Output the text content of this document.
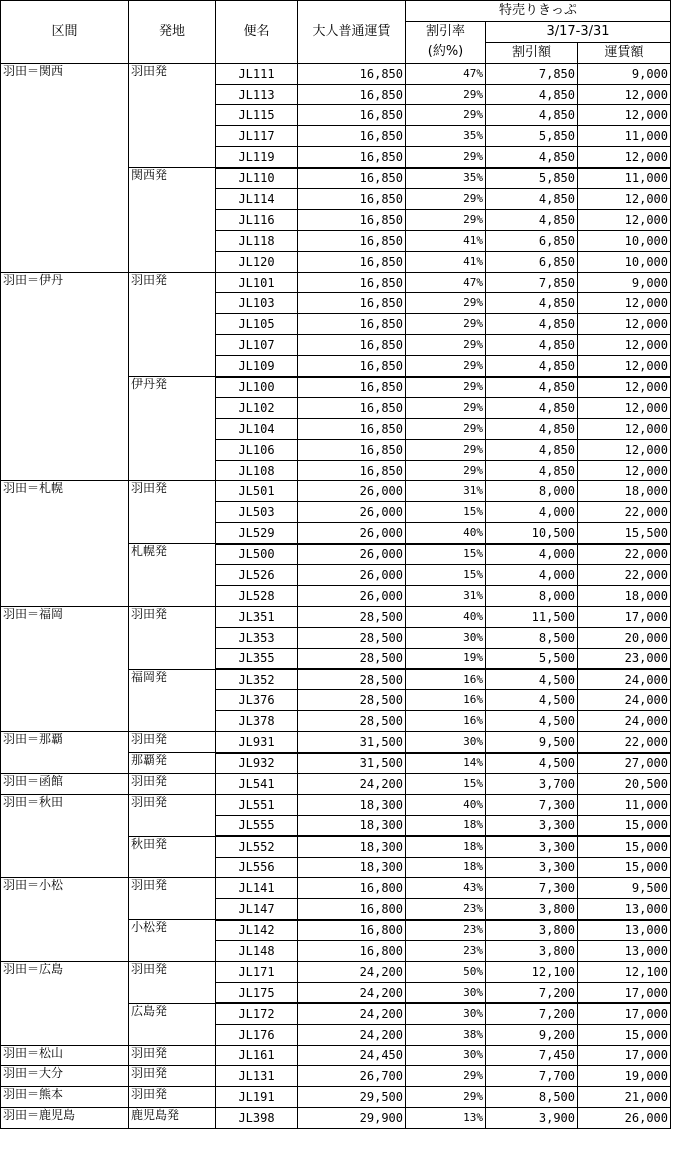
区間	発地	便名	大人普通運賃	特売りきっぷ		
				割引率	3/17-3/31	
				(約%)	割引額	運賃額
羽田＝関西	羽田発	JL111	16,850	47%	7,850	9,000
		JL113	16,850	29%	4,850	12,000
		JL115	16,850	29%	4,850	12,000
		JL117	16,850	35%	5,850	11,000
		JL119	16,850	29%	4,850	12,000
	関西発	JL110	16,850	35%	5,850	11,000
		JL114	16,850	29%	4,850	12,000
		JL116	16,850	29%	4,850	12,000
		JL118	16,850	41%	6,850	10,000
		JL120	16,850	41%	6,850	10,000
羽田＝伊丹	羽田発	JL101	16,850	47%	7,850	9,000
		JL103	16,850	29%	4,850	12,000
		JL105	16,850	29%	4,850	12,000
		JL107	16,850	29%	4,850	12,000
		JL109	16,850	29%	4,850	12,000
	伊丹発	JL100	16,850	29%	4,850	12,000
		JL102	16,850	29%	4,850	12,000
		JL104	16,850	29%	4,850	12,000
		JL106	16,850	29%	4,850	12,000
		JL108	16,850	29%	4,850	12,000
羽田＝札幌	羽田発	JL501	26,000	31%	8,000	18,000
		JL503	26,000	15%	4,000	22,000
		JL529	26,000	40%	10,500	15,500
	札幌発	JL500	26,000	15%	4,000	22,000
		JL526	26,000	15%	4,000	22,000
		JL528	26,000	31%	8,000	18,000
羽田＝福岡	羽田発	JL351	28,500	40%	11,500	17,000
		JL353	28,500	30%	8,500	20,000
		JL355	28,500	19%	5,500	23,000
	福岡発	JL352	28,500	16%	4,500	24,000
		JL376	28,500	16%	4,500	24,000
		JL378	28,500	16%	4,500	24,000
羽田＝那覇	羽田発	JL931	31,500	30%	9,500	22,000
	那覇発	JL932	31,500	14%	4,500	27,000
羽田＝函館	羽田発	JL541	24,200	15%	3,700	20,500
羽田＝秋田	羽田発	JL551	18,300	40%	7,300	11,000
		JL555	18,300	18%	3,300	15,000
	秋田発	JL552	18,300	18%	3,300	15,000
		JL556	18,300	18%	3,300	15,000
羽田＝小松	羽田発	JL141	16,800	43%	7,300	9,500
		JL147	16,800	23%	3,800	13,000
	小松発	JL142	16,800	23%	3,800	13,000
		JL148	16,800	23%	3,800	13,000
羽田＝広島	羽田発	JL171	24,200	50%	12,100	12,100
		JL175	24,200	30%	7,200	17,000
	広島発	JL172	24,200	30%	7,200	17,000
		JL176	24,200	38%	9,200	15,000
羽田＝松山	羽田発	JL161	24,450	30%	7,450	17,000
羽田＝大分	羽田発	JL131	26,700	29%	7,700	19,000
羽田＝熊本	羽田発	JL191	29,500	29%	8,500	21,000
羽田＝鹿児島	鹿児島発	JL398	29,900	13%	3,900	26,000
